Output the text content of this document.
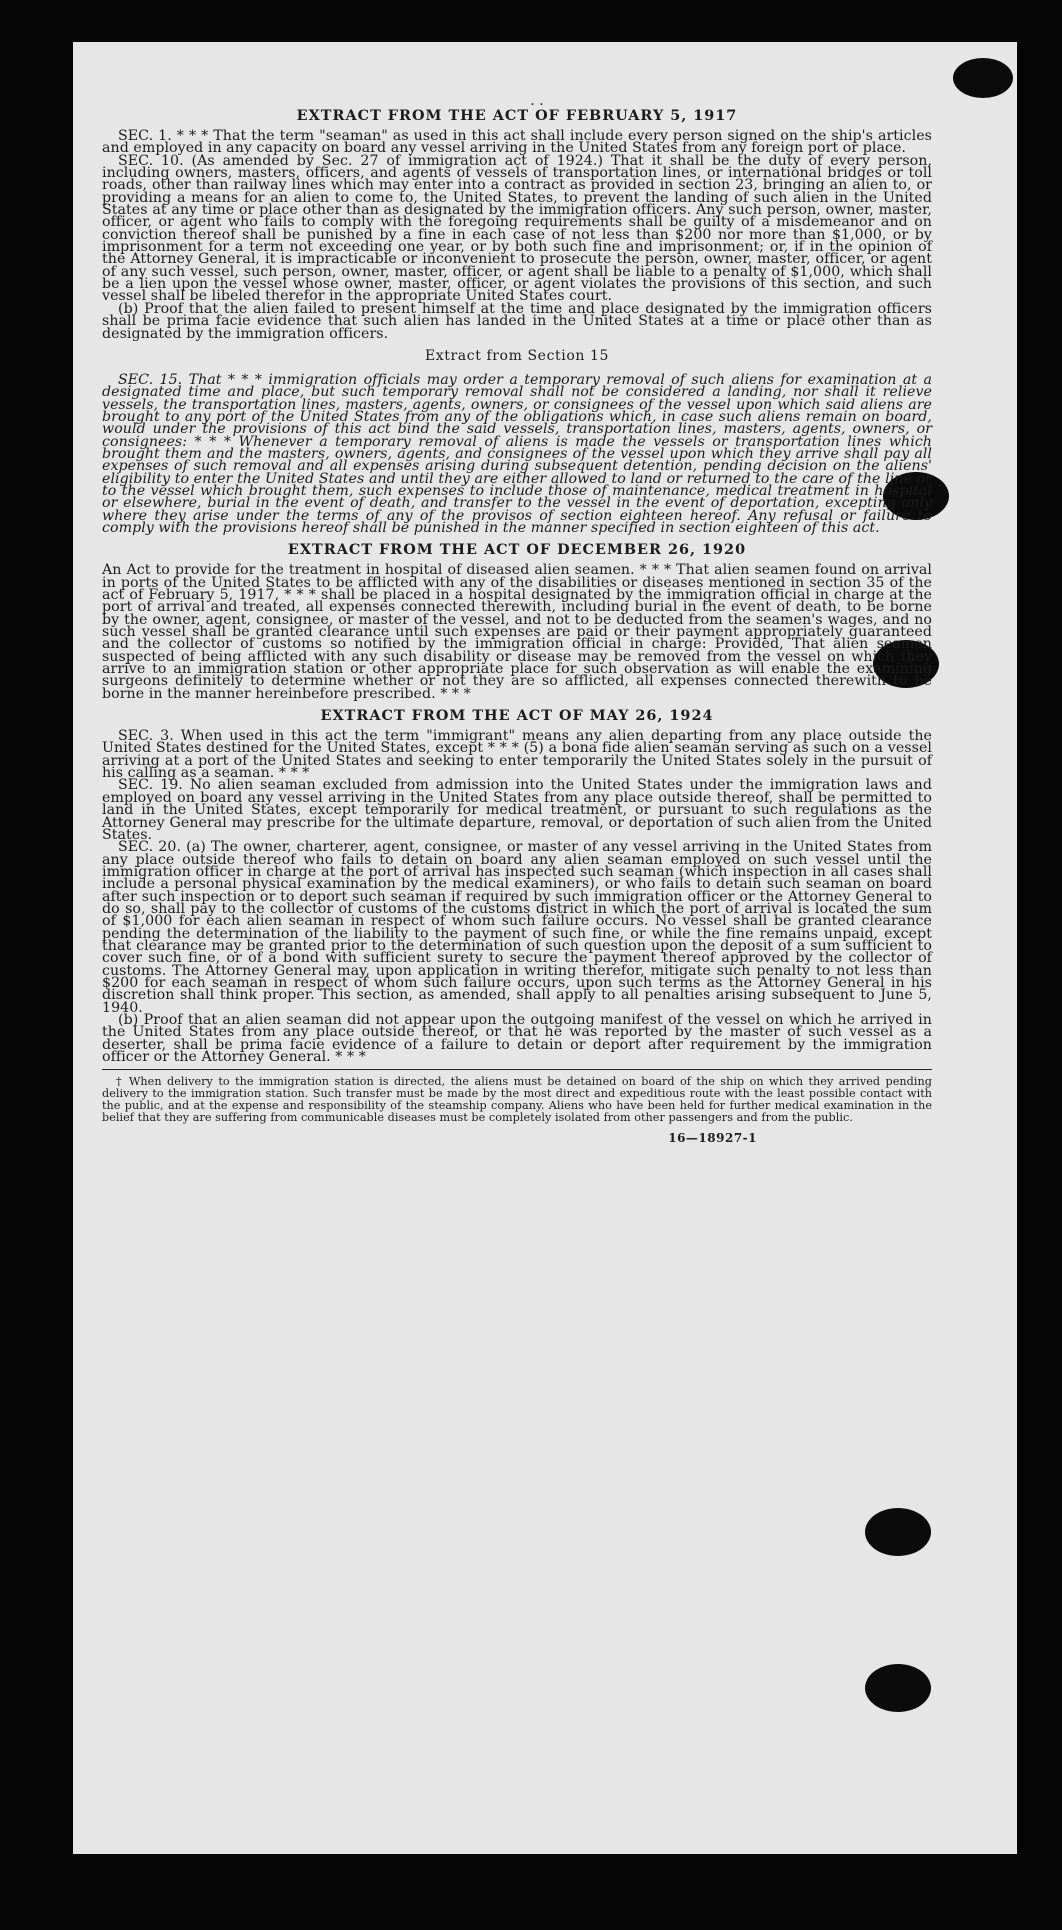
. .
EXTRACT FROM THE ACT OF FEBRUARY 5, 1917

SEC. 1. * * * That the term "seaman" as used in this act shall include every person signed on the ship's articles and employed in any capacity on board any vessel arriving in the United States from any foreign port or place.

SEC. 10. (As amended by Sec. 27 of immigration act of 1924.) That it shall be the duty of every person, including owners, masters, officers, and agents of vessels of transportation lines, or international bridges or toll roads, other than railway lines which may enter into a contract as provided in section 23, bringing an alien to, or providing a means for an alien to come to, the United States, to prevent the landing of such alien in the United States at any time or place other than as designated by the immigration officers. Any such person, owner, master, officer, or agent who fails to comply with the foregoing requirements shall be guilty of a misdemeanor and on conviction thereof shall be punished by a fine in each case of not less than $200 nor more than $1,000, or by imprisonment for a term not exceeding one year, or by both such fine and imprisonment; or, if in the opinion of the Attorney General, it is impracticable or inconvenient to prosecute the person, owner, master, officer, or agent of any such vessel, such person, owner, master, officer, or agent shall be liable to a penalty of $1,000, which shall be a lien upon the vessel whose owner, master, officer, or agent violates the provisions of this section, and such vessel shall be libeled therefor in the appropriate United States court.

(b) Proof that the alien failed to present himself at the time and place designated by the immigration officers shall be prima facie evidence that such alien has landed in the United States at a time or place other than as designated by the immigration officers.

Extract from Section 15

SEC. 15. That * * * immigration officials may order a temporary removal of such aliens for examination at a designated time and place, but such temporary removal shall not be considered a landing, nor shall it relieve vessels, the transportation lines, masters, agents, owners, or consignees of the vessel upon which said aliens are brought to any port of the United States from any of the obligations which, in case such aliens remain on board, would under the provisions of this act bind the said vessels, transportation lines, masters, agents, owners, or consignees: * * * Whenever a temporary removal of aliens is made the vessels or transportation lines which brought them and the masters, owners, agents, and consignees of the vessel upon which they arrive shall pay all expenses of such removal and all expenses arising during subsequent detention, pending decision on the aliens' eligibility to enter the United States and until they are either allowed to land or returned to the care of the line or to the vessel which brought them, such expenses to include those of maintenance, medical treatment in hospital or elsewhere, burial in the event of death, and transfer to the vessel in the event of deportation, excepting only where they arise under the terms of any of the provisos of section eighteen hereof. Any refusal or failure to comply with the provisions hereof shall be punished in the manner specified in section eighteen of this act.

EXTRACT FROM THE ACT OF DECEMBER 26, 1920

An Act to provide for the treatment in hospital of diseased alien seamen. * * * That alien seamen found on arrival in ports of the United States to be afflicted with any of the disabilities or diseases mentioned in section 35 of the act of February 5, 1917, * * * shall be placed in a hospital designated by the immigration official in charge at the port of arrival and treated, all expenses connected therewith, including burial in the event of death, to be borne by the owner, agent, consignee, or master of the vessel, and not to be deducted from the seamen's wages, and no such vessel shall be granted clearance until such expenses are paid or their payment appropriately guaranteed and the collector of customs so notified by the immigration official in charge: Provided, That alien seamen suspected of being afflicted with any such disability or disease may be removed from the vessel on which they arrive to an immigration station or other appropriate place for such observation as will enable the examining surgeons definitely to determine whether or not they are so afflicted, all expenses connected therewith to be borne in the manner hereinbefore prescribed. * * *

EXTRACT FROM THE ACT OF MAY 26, 1924

SEC. 3. When used in this act the term "immigrant" means any alien departing from any place outside the United States destined for the United States, except * * * (5) a bona fide alien seaman serving as such on a vessel arriving at a port of the United States and seeking to enter temporarily the United States solely in the pursuit of his calling as a seaman. * * *

SEC. 19. No alien seaman excluded from admission into the United States under the immigration laws and employed on board any vessel arriving in the United States from any place outside thereof, shall be permitted to land in the United States, except temporarily for medical treatment, or pursuant to such regulations as the Attorney General may prescribe for the ultimate departure, removal, or deportation of such alien from the United States.

SEC. 20. (a) The owner, charterer, agent, consignee, or master of any vessel arriving in the United States from any place outside thereof who fails to detain on board any alien seaman employed on such vessel until the immigration officer in charge at the port of arrival has inspected such seaman (which inspection in all cases shall include a personal physical examination by the medical examiners), or who fails to detain such seaman on board after such inspection or to deport such seaman if required by such immigration officer or the Attorney General to do so, shall pay to the collector of customs of the customs district in which the port of arrival is located the sum of $1,000 for each alien seaman in respect of whom such failure occurs. No vessel shall be granted clearance pending the determination of the liability to the payment of such fine, or while the fine remains unpaid, except that clearance may be granted prior to the determination of such question upon the deposit of a sum sufficient to cover such fine, or of a bond with sufficient surety to secure the payment thereof approved by the collector of customs. The Attorney General may, upon application in writing therefor, mitigate such penalty to not less than $200 for each seaman in respect of whom such failure occurs, upon such terms as the Attorney General in his discretion shall think proper. This section, as amended, shall apply to all penalties arising subsequent to June 5, 1940.

(b) Proof that an alien seaman did not appear upon the outgoing manifest of the vessel on which he arrived in the United States from any place outside thereof, or that he was reported by the master of such vessel as a deserter, shall be prima facie evidence of a failure to detain or deport after requirement by the immigration officer or the Attorney General. * * *

† When delivery to the immigration station is directed, the aliens must be detained on board of the ship on which they arrived pending delivery to the immigration station. Such transfer must be made by the most direct and expeditious route with the least possible contact with the public, and at the expense and responsibility of the steamship company. Aliens who have been held for further medical examination in the belief that they are suffering from communicable diseases must be completely isolated from other passengers and from the public.
16—18927-1
